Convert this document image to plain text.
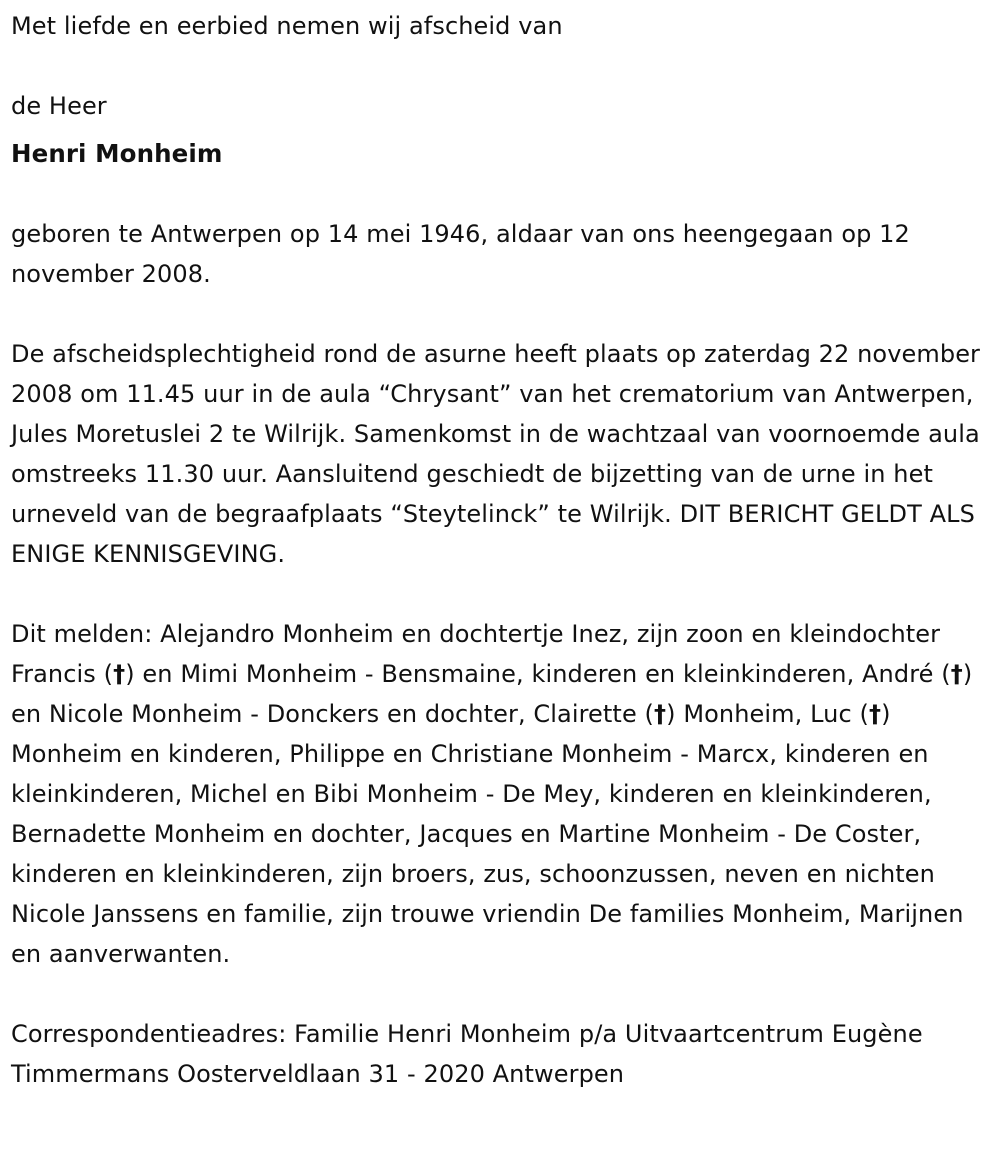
Met liefde en eerbied nemen wij afscheid van

de Heer

Henri Monheim

geboren te Antwerpen op 14 mei 1946, aldaar van ons heengegaan op 12 november 2008.

De afscheidsplechtigheid rond de asurne heeft plaats op zaterdag 22 november 2008 om 11.45 uur in de aula “Chrysant” van het crematorium van Antwerpen, Jules Moretuslei 2 te Wilrijk. Samenkomst in de wachtzaal van voornoemde aula omstreeks 11.30 uur. Aansluitend geschiedt de bijzetting van de urne in het urneveld van de begraafplaats “Steytelinck” te Wilrijk. DIT BERICHT GELDT ALS ENIGE KENNISGEVING.

Dit melden: Alejandro Monheim en dochtertje Inez, zijn zoon en kleindochter Francis (†) en Mimi Monheim - Bensmaine, kinderen en kleinkinderen, André (†) en Nicole Monheim - Donckers en dochter, Clairette (†) Monheim, Luc (†) Monheim en kinderen, Philippe en Christiane Monheim - Marcx, kinderen en kleinkinderen, Michel en Bibi Monheim - De Mey, kinderen en kleinkinderen, Bernadette Monheim en dochter, Jacques en Martine Monheim - De Coster, kinderen en kleinkinderen, zijn broers, zus, schoonzussen, neven en nichten Nicole Janssens en familie, zijn trouwe vriendin De families Monheim, Marijnen en aanverwanten.

Correspondentieadres: Familie Henri Monheim p/a Uitvaartcentrum Eugène Timmermans Oosterveldlaan 31 - 2020 Antwerpen
